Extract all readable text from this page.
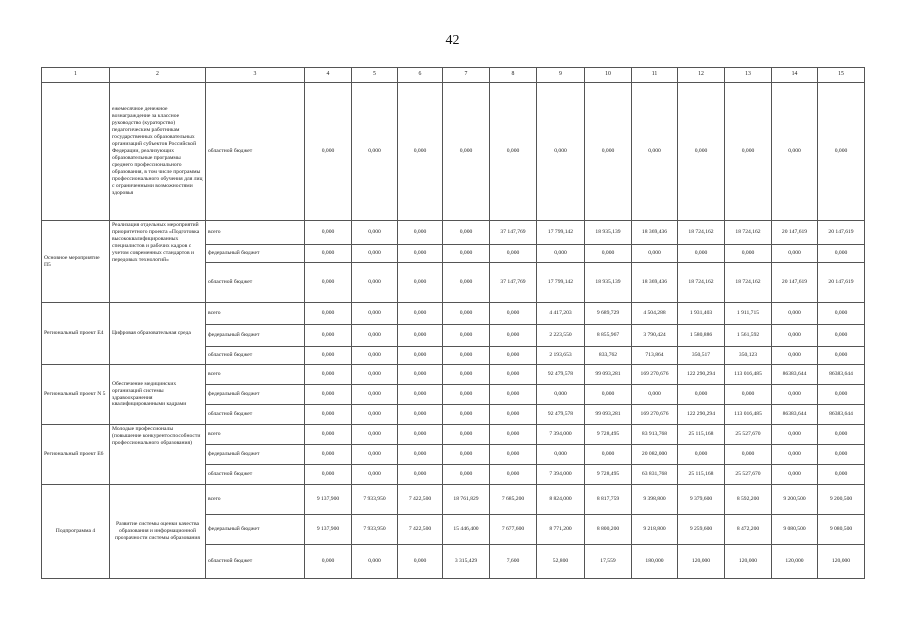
42
1	2	3	4	5	6	7	8	9	10	11	12	13	14	15
	ежемесячное денежное вознаграждение за классное руководство (кураторство) педагогическим работникам государственных образовательных организаций субъектов Российской Федерации, реализующих образовательные программы среднего профессионального образования, в том числе программы профессионального обучения для лиц с ограниченными возможностями здоровья	областной бюджет	0,000	0,000	0,000	0,000	0,000	0,000	0,000	0,000	0,000	0,000	0,000	0,000
Основное мероприятие П5	Реализация отдельных мероприятий приоритетного проекта «Подготовка высококвалифицированных специалистов и рабочих кадров с учетом современных стандартов и передовых технологий»	всего	0,000	0,000	0,000	0,000	37 147,769	17 799,142	18 935,139	18 369,436	18 724,162	18 724,162	20 147,619	20 147,619
		федеральный бюджет	0,000	0,000	0,000	0,000	0,000	0,000	0,000	0,000	0,000	0,000	0,000	0,000
		областной бюджет	0,000	0,000	0,000	0,000	37 147,769	17 799,142	18 935,139	18 369,436	18 724,162	18 724,162	20 147,619	20 147,619
Региональный проект Е4	Цифровая образовательная среда	всего	0,000	0,000	0,000	0,000	0,000	4 417,203	9 689,729	4 504,288	1 931,403	1 911,715	0,000	0,000
		федеральный бюджет	0,000	0,000	0,000	0,000	0,000	2 223,550	8 855,967	3 790,424	1 580,886	1 561,592	0,000	0,000
		областной бюджет	0,000	0,000	0,000	0,000	0,000	2 193,653	833,762	713,864	350,517	350,123	0,000	0,000
Региональный проект N 5	Обеспечение медицинских организаций системы здравоохранения квалифицированными кадрами	всего	0,000	0,000	0,000	0,000	0,000	92 479,578	99 093,281	169 270,676	122 290,294	113 016,485	86383,644	86383,644
		федеральный бюджет	0,000	0,000	0,000	0,000	0,000	0,000	0,000	0,000	0,000	0,000	0,000	0,000
		областной бюджет	0,000	0,000	0,000	0,000	0,000	92 479,578	99 093,281	169 270,676	122 290,294	113 016,485	86383,644	86383,644
Региональный проект Е6	Молодые профессионалы (повышение конкурентоспособности профессионального образования)	всего	0,000	0,000	0,000	0,000	0,000	7 394,000	9 728,495	83 913,768	25 115,168	25 527,670	0,000	0,000
		федеральный бюджет	0,000	0,000	0,000	0,000	0,000	0,000	0,000	20 082,000	0,000	0,000	0,000	0,000
		областной бюджет	0,000	0,000	0,000	0,000	0,000	7 394,000	9 728,495	63 831,768	25 115,168	25 527,670	0,000	0,000
Подпрограмма 4	Развитие системы оценки качества образования и информационной прозрачности системы образования	всего	9 137,900	7 933,950	7 422,500	18 761,829	7 685,200	8 824,000	8 817,759	9 398,800	9 379,600	8 592,200	9 200,500	9 200,500
		федеральный бюджет	9 137,900	7 933,950	7 422,500	15 446,400	7 677,600	8 771,200	8 800,200	9 218,800	9 259,600	8 472,200	9 080,500	9 080,500
		областной бюджет	0,000	0,000	0,000	3 315,429	7,600	52,800	17,559	180,000	120,000	120,000	120,000	120,000
